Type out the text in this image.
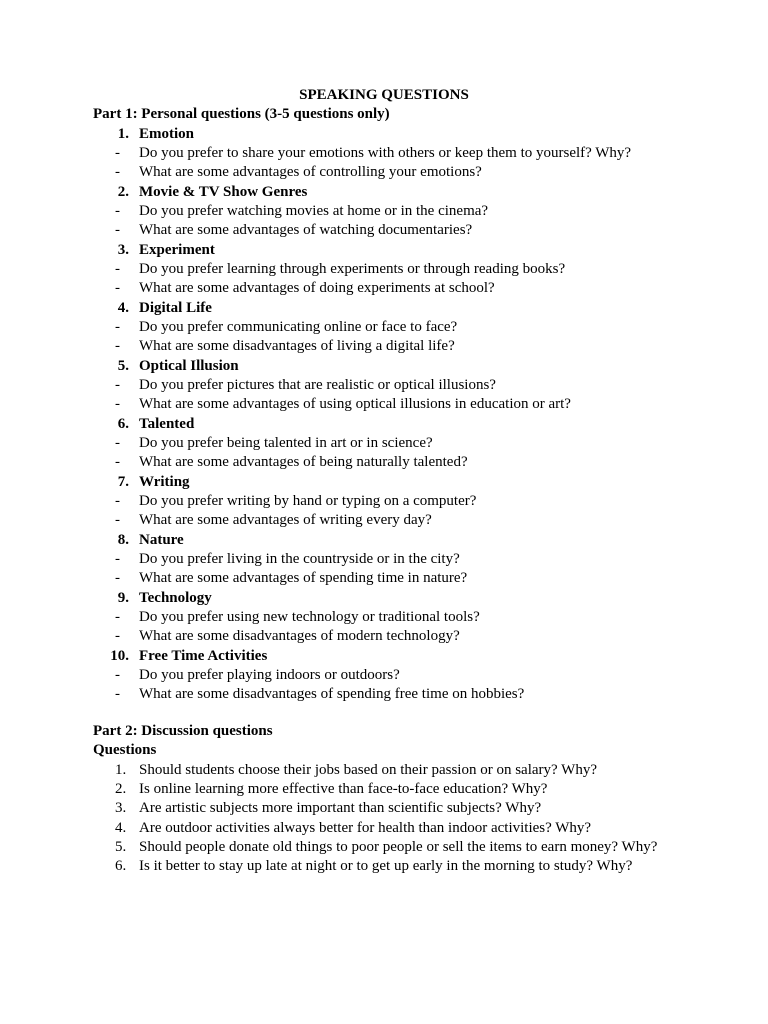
SPEAKING QUESTIONS
Part 1: Personal questions (3-5 questions only)
1. Emotion
- Do you prefer to share your emotions with others or keep them to yourself? Why?
- What are some advantages of controlling your emotions?
2. Movie & TV Show Genres
- Do you prefer watching movies at home or in the cinema?
- What are some advantages of watching documentaries?
3. Experiment
- Do you prefer learning through experiments or through reading books?
- What are some advantages of doing experiments at school?
4. Digital Life
- Do you prefer communicating online or face to face?
- What are some disadvantages of living a digital life?
5. Optical Illusion
- Do you prefer pictures that are realistic or optical illusions?
- What are some advantages of using optical illusions in education or art?
6. Talented
- Do you prefer being talented in art or in science?
- What are some advantages of being naturally talented?
7. Writing
- Do you prefer writing by hand or typing on a computer?
- What are some advantages of writing every day?
8. Nature
- Do you prefer living in the countryside or in the city?
- What are some advantages of spending time in nature?
9. Technology
- Do you prefer using new technology or traditional tools?
- What are some disadvantages of modern technology?
10. Free Time Activities
- Do you prefer playing indoors or outdoors?
- What are some disadvantages of spending free time on hobbies?
Part 2: Discussion questions
Questions
1. Should students choose their jobs based on their passion or on salary? Why?
2. Is online learning more effective than face-to-face education? Why?
3. Are artistic subjects more important than scientific subjects? Why?
4. Are outdoor activities always better for health than indoor activities? Why?
5. Should people donate old things to poor people or sell the items to earn money? Why?
6. Is it better to stay up late at night or to get up early in the morning to study? Why?
